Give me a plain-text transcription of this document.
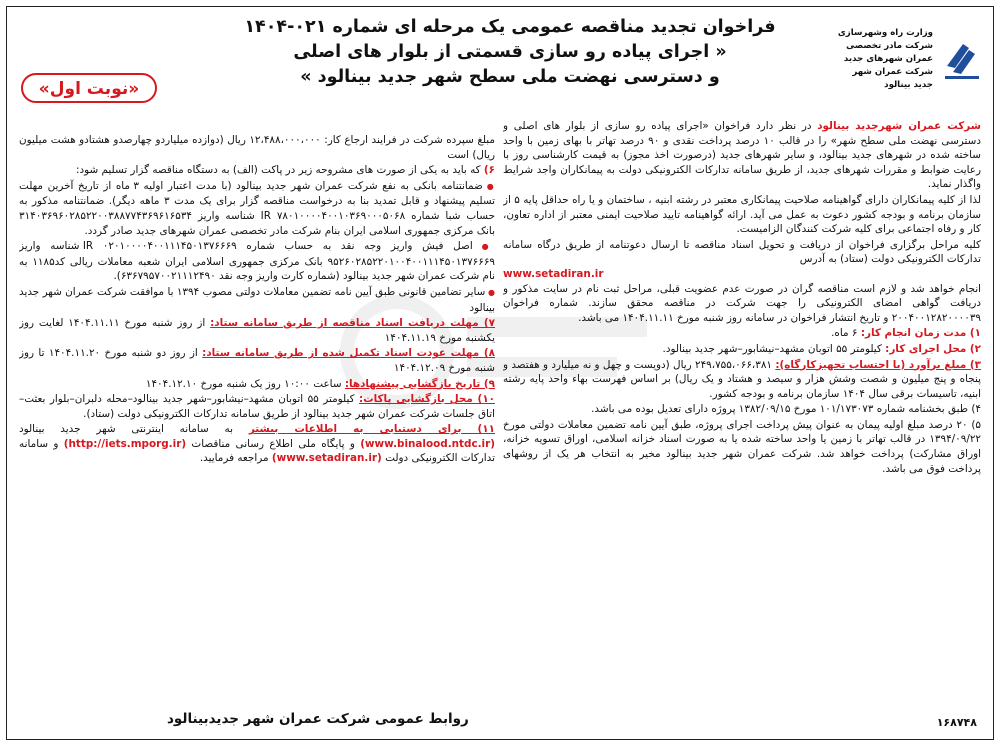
وزارت راه وشهرسازی
شرکت مادر تخصصی عمران شهرهای جدید
شرکت عمران شهر جدید بینالود
فراخوان تجدید مناقصه عمومی یک مرحله ای شماره ۰۲۱-۱۴۰۴
« اجرای پیاده رو سازی قسمتی از بلوار های اصلی
و دسترسی نهضت ملی سطح شهر جدید بینالود »
«نوبت اول»

شرکت عمران شهرجدید بینالود در نظر دارد فراخوان «اجرای پیاده رو سازی از بلوار های اصلی و دسترسی نهضت ملی سطح شهر» را در قالب ۱۰ درصد پرداخت نقدی و ۹۰ درصد تهاتر با بهای زمین با واحد ساخته شده در شهرهای جدید بینالود، و سایر شهرهای جدید (درصورت اخذ مجوز) به قیمت کارشناسی روز با رعایت ضوابط و مقررات شهرهای جدید، از طریق سامانه تدارکات الکترونیکی دولت به پیمانکاران واجد شرایط واگذار نماید.

لذا از کلیه پیمانکاران دارای گواهینامه صلاحیت پیمانکاری معتبر در رشته ابنیه ، ساختمان و یا راه حداقل پایه ۵ از سازمان برنامه و بودجه کشور دعوت به عمل می آید. ارائه گواهینامه تایید صلاحیت ایمنی معتبر از اداره تعاون، کار و رفاه اجتماعی برای کلیه شرکت کنندگان الزامیست.

کلیه مراحل برگزاری فراخوان از دریافت و تحویل اسناد مناقصه تا ارسال دعوتنامه از طریق درگاه سامانه تدارکات الکترونیکی دولت (ستاد) به آدرس
www.setadiran.ir
انجام خواهد شد و لازم است مناقصه گران در صورت عدم عضویت قبلی، مراحل ثبت نام در سایت مذکور و دریافت گواهی امضای الکترونیکی را جهت شرکت در مناقصه محقق سازند. شماره فراخوان ۲۰۰۴۰۰۱۲۸۲۰۰۰۰۳۹ و تاریخ انتشار فراخوان در سامانه روز شنبه مورخ ۱۴۰۴.۱۱.۱۱ می باشد.

۱) مدت زمان انجام کار: ۶ ماه.

۲) محل اجرای کار: کیلومتر ۵۵ اتوبان مشهد–نیشابور–شهر جدید بینالود.

۳) مبلغ برآورد (با احتساب تجهیزکارگاه): ۲۴۹،۷۵۵،۰۶۶،۳۸۱ ریال (دویست و چهل و نه میلیارد و هفتصد و پنجاه و پنج میلیون و شصت وشش هزار و سیصد و هشتاد و یک ریال) بر اساس فهرست بهاء واحد پایه رشته ابنیه، تاسیسات برقی سال ۱۴۰۴ سازمان برنامه و بودجه کشور.

۴) طبق بخشنامه شماره ۱۰۱/۱۷۳۰۷۳ مورخ ۱۳۸۲/۰۹/۱۵ پروژه دارای تعدیل بوده می باشد.

۵) ۲۰ درصد مبلغ اولیه پیمان به عنوان پیش پرداخت اجرای پروژه، طبق آیین نامه تضمین معاملات دولتی مورخ ۱۳۹۴/۰۹/۲۲ در قالب تهاتر با زمین یا واحد ساخته شده یا به صورت اسناد خزانه اسلامی، اوراق تسویه خزانه، اوراق مشارکت) پرداخت خواهد شد. شرکت عمران شهر جدید بینالود مخیر به انتخاب هر یک از روشهای پرداخت فوق می باشد.

مبلغ سپرده شرکت در فرایند ارجاع کار: ۱۲،۴۸۸،۰۰۰،۰۰۰ ریال (دوازده میلیاردو چهارصدو هشتادو هشت میلیون ریال) است

۶) که باید به یکی از صورت های مشروحه زیر در پاکت (الف) به دستگاه مناقصه گزار تسلیم شود:

● ضمانتنامه بانکی به نفع شرکت عمران شهر جدید بینالود (با مدت اعتبار اولیه ۳ ماه از تاریخ آخرین مهلت تسلیم پیشنهاد و قابل تمدید بنا به درخواست مناقصه گزار برای یک مدت ۳ ماهه دیگر). ضمانتنامه مذکور به حساب شبا شماره IR ۷۸۰۱۰۰۰۰۴۰۰۱۰۳۶۹۰۰۰۵۰۶۸ شناسه واریز ۳۱۴۰۳۶۹۶۰۲۸۵۲۲۰۰۳۸۸۷۷۴۳۶۹۶۱۶۵۳۴ بانک مرکزی جمهوری اسلامی ایران بنام شرکت مادر تخصصی عمران شهرهای جدید صادر گردد.

● اصل فیش واریز وجه نقد به حساب شماره IR ۰۲۰۱۰۰۰۰۴۰۰۱۱۱۴۵۰۱۳۷۶۶۶۹ شناسه واریز ۹۵۲۶۰۲۸۵۲۲۰۱۰۰۴۰۰۱۱۱۴۵۰۱۳۷۶۶۶۹ بانک مرکزی جمهوری اسلامی ایران شعبه معاملات ریالی کد۱۱۸۵ به نام شرکت عمران شهر جدید بینالود (شماره کارت واریز وجه نقد ۶۳۶۷۹۵۷۰۰۲۱۱۱۲۴۹۰).

● سایر تضامین قانونی طبق آیین نامه تضمین معاملات دولتی مصوب ۱۳۹۴ با موافقت شرکت عمران شهر جدید بینالود

۷) مهلت دریافت اسناد مناقصه از طریق سامانه ستاد: از روز شنبه مورخ ۱۴۰۴.۱۱.۱۱ لغایت روز یکشنبه مورخ ۱۴۰۴.۱۱.۱۹

۸) مهلت عودت اسناد تکمیل شده از طریق سامانه ستاد: از روز دو شنبه مورخ ۱۴۰۴.۱۱.۲۰ تا روز شنبه مورخ ۱۴۰۴.۱۲.۰۹

۹) تاریخ بازگشایی پیشنهادها: ساعت ۱۰:۰۰ روز یک شنبه مورخ ۱۴۰۴.۱۲.۱۰

۱۰) محل بازگشایی پاکات: کیلومتر ۵۵ اتوبان مشهد–نیشابور–شهر جدید بینالود–محله دلبران–بلوار بعثت–اتاق جلسات شرکت عمران شهر جدید بینالود از طریق سامانه تدارکات الکترونیکی دولت (ستاد).

۱۱) برای دستیابی به اطلاعات بیشتر به سامانه اینترنتی شهر جدید بینالود (www.binalood.ntdc.ir) و پایگاه ملی اطلاع رسانی مناقصات (http://iets.mporg.ir) و سامانه تدارکات الکترونیکی دولت (www.setadiran.ir) مراجعه فرمایید.

روابط عمومی شرکت عمران شهر جدیدبینالود	۱۶۸۷۴۸
